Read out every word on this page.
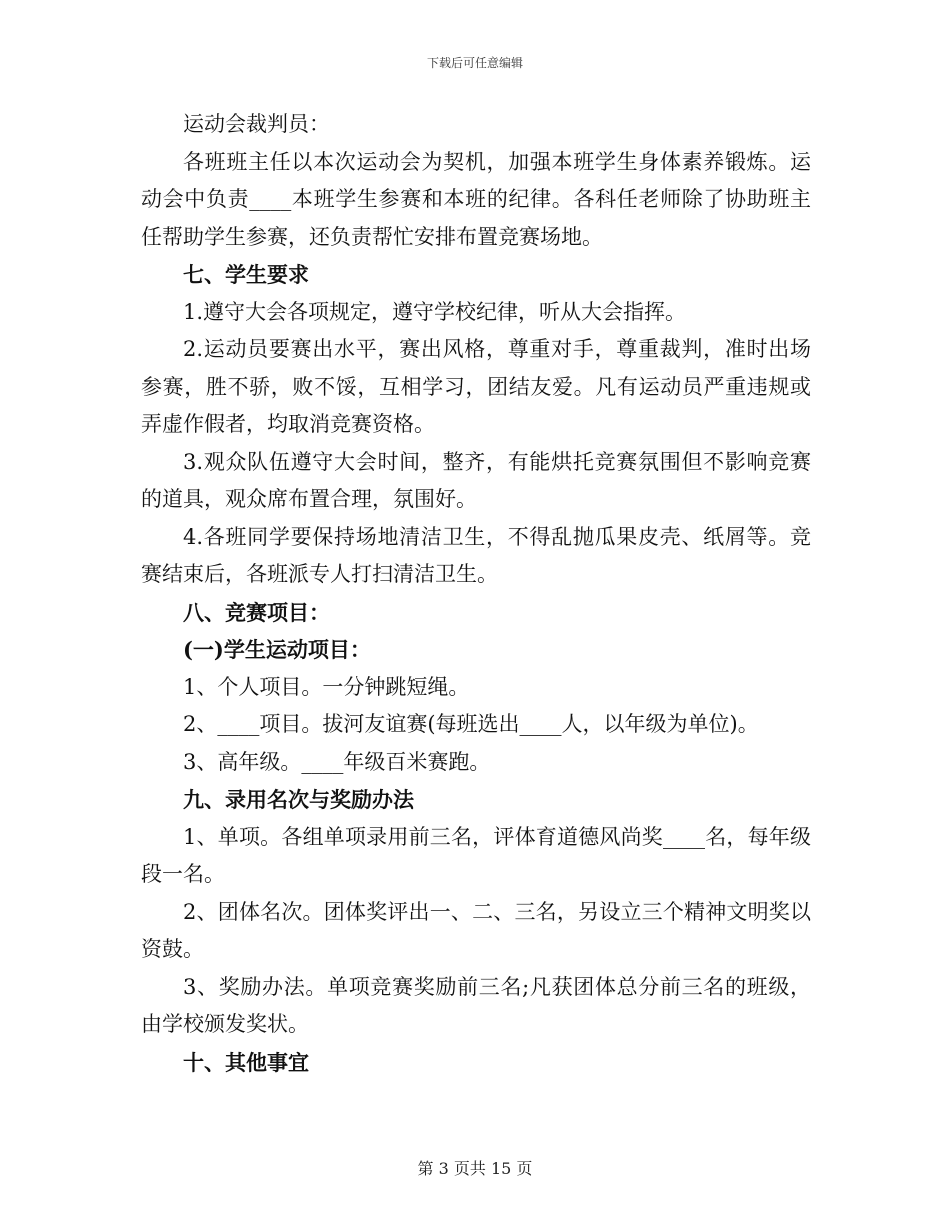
下载后可任意编辑

运动会裁判员：

各班班主任以本次运动会为契机，加强本班学生身体素养锻炼。运动会中负责____本班学生参赛和本班的纪律。各科任老师除了协助班主任帮助学生参赛，还负责帮忙安排布置竞赛场地。

七、学生要求

1.遵守大会各项规定，遵守学校纪律，听从大会指挥。

2.运动员要赛出水平，赛出风格，尊重对手，尊重裁判，准时出场参赛，胜不骄，败不馁，互相学习，团结友爱。凡有运动员严重违规或弄虚作假者，均取消竞赛资格。

3.观众队伍遵守大会时间，整齐，有能烘托竞赛氛围但不影响竞赛的道具，观众席布置合理，氛围好。

4.各班同学要保持场地清洁卫生，不得乱抛瓜果皮壳、纸屑等。竞赛结束后，各班派专人打扫清洁卫生。

八、竞赛项目：

(一)学生运动项目：

1、个人项目。一分钟跳短绳。

2、____项目。拔河友谊赛(每班选出____人，以年级为单位)。

3、高年级。____年级百米赛跑。

九、录用名次与奖励办法

1、单项。各组单项录用前三名，评体育道德风尚奖____名，每年级段一名。

2、团体名次。团体奖评出一、二、三名，另设立三个精神文明奖以资鼓。

3、奖励办法。单项竞赛奖励前三名;凡获团体总分前三名的班级，由学校颁发奖状。

十、其他事宜

第 3 页共 15 页
